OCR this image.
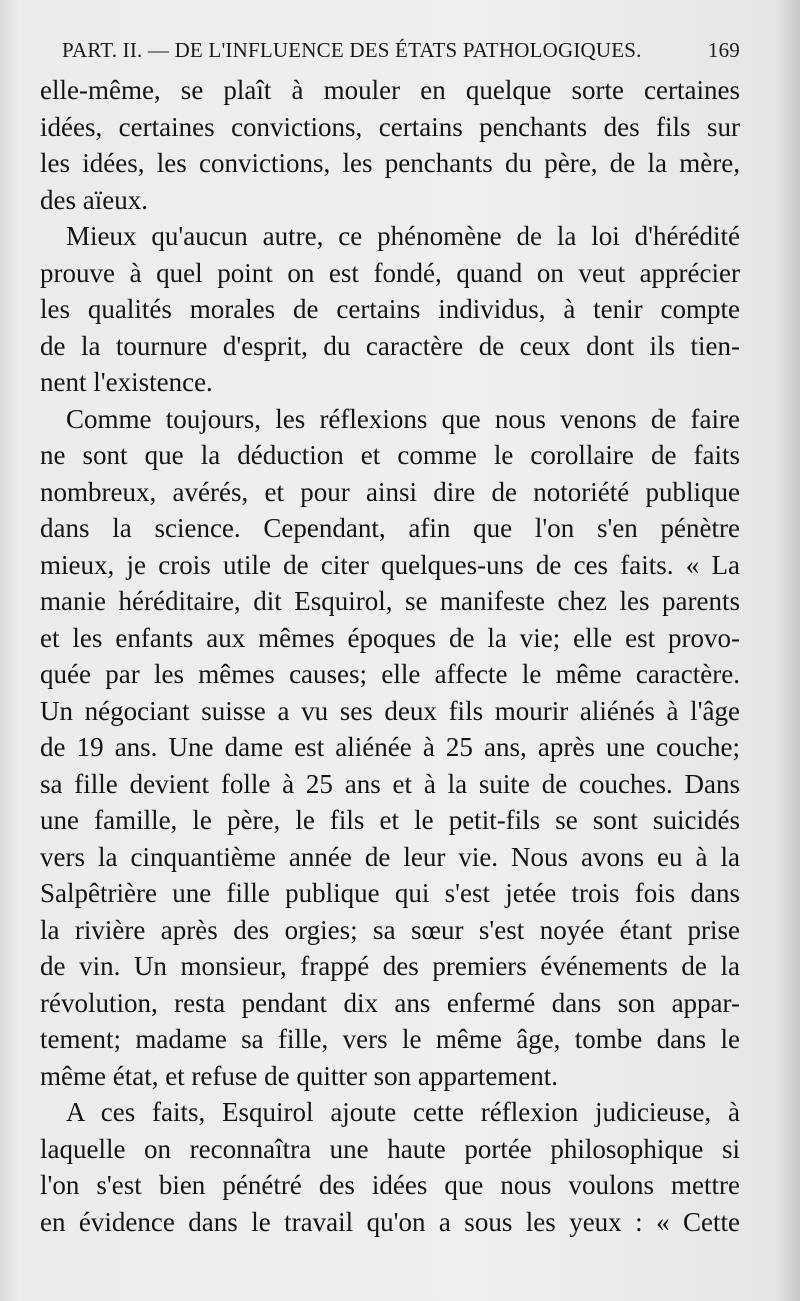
PART. II. — DE L'INFLUENCE DES ÉTATS PATHOLOGIQUES.	169
elle-même, se plaît à mouler en quelque sorte certaines
idées, certaines convictions, certains penchants des fils sur
les idées, les convictions, les penchants du père, de la mère,
des aïeux.
Mieux qu'aucun autre, ce phénomène de la loi d'hérédité
prouve à quel point on est fondé, quand on veut apprécier
les qualités morales de certains individus, à tenir compte
de la tournure d'esprit, du caractère de ceux dont ils tien-
nent l'existence.
Comme toujours, les réflexions que nous venons de faire
ne sont que la déduction et comme le corollaire de faits
nombreux, avérés, et pour ainsi dire de notoriété publique
dans la science. Cependant, afin que l'on s'en pénètre
mieux, je crois utile de citer quelques-uns de ces faits. « La
manie héréditaire, dit Esquirol, se manifeste chez les parents
et les enfants aux mêmes époques de la vie; elle est provo-
quée par les mêmes causes; elle affecte le même caractère.
Un négociant suisse a vu ses deux fils mourir aliénés à l'âge
de 19 ans. Une dame est aliénée à 25 ans, après une couche;
sa fille devient folle à 25 ans et à la suite de couches. Dans
une famille, le père, le fils et le petit-fils se sont suicidés
vers la cinquantième année de leur vie. Nous avons eu à la
Salpêtrière une fille publique qui s'est jetée trois fois dans
la rivière après des orgies; sa sœur s'est noyée étant prise
de vin. Un monsieur, frappé des premiers événements de la
révolution, resta pendant dix ans enfermé dans son appar-
tement; madame sa fille, vers le même âge, tombe dans le
même état, et refuse de quitter son appartement.
A ces faits, Esquirol ajoute cette réflexion judicieuse, à
laquelle on reconnaîtra une haute portée philosophique si
l'on s'est bien pénétré des idées que nous voulons mettre
en évidence dans le travail qu'on a sous les yeux : « Cette
